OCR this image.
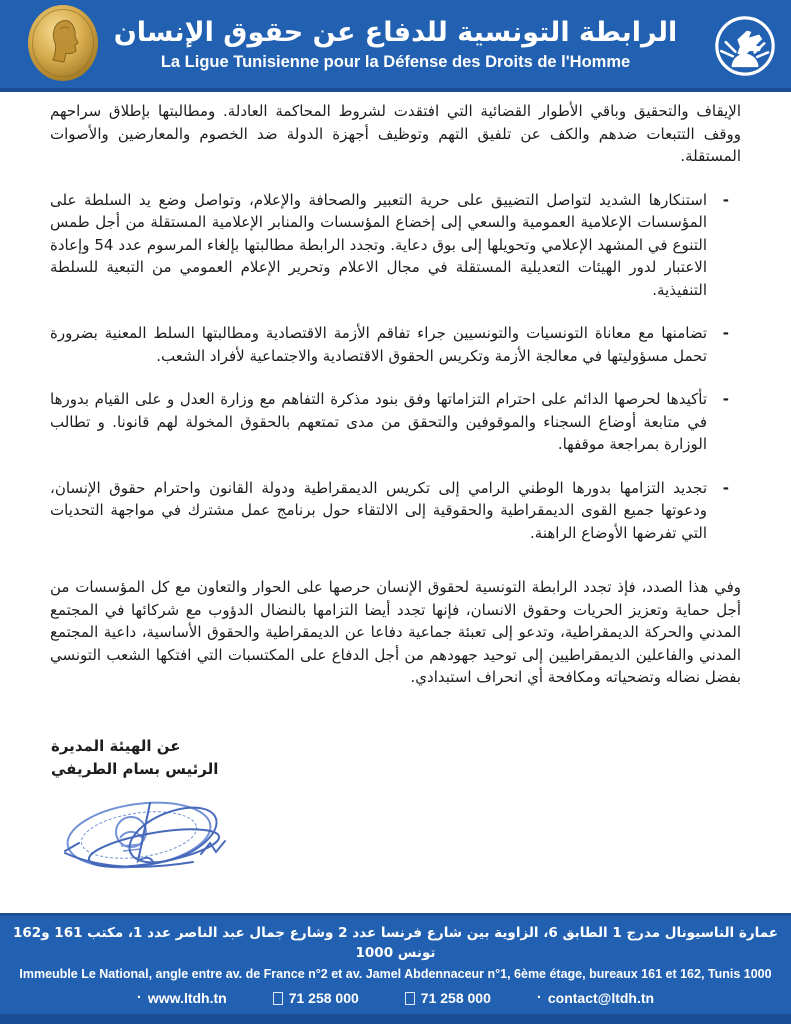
الرابطة التونسية للدفاع عن حقوق الإنسان
La Ligue Tunisienne pour la Défense des Droits de l'Homme

الإيقاف والتحقيق وباقي الأطوار القضائية التي افتقدت لشروط المحاكمة العادلة. ومطالبتها بإطلاق سراحهم ووقف التتبعات ضدهم والكف عن تلفيق التهم وتوظيف أجهزة الدولة ضد الخصوم والمعارضين والأصوات المستقلة.

-
استنكارها الشديد لتواصل التضييق على حرية التعبير والصحافة والإعلام، وتواصل وضع يد السلطة على المؤسسات الإعلامية العمومية والسعي إلى إخضاع المؤسسات والمنابر الإعلامية المستقلة من أجل طمس التنوع في المشهد الإعلامي وتحويلها إلى بوق دعاية. وتجدد الرابطة مطالبتها بإلغاء المرسوم عدد 54 وإعادة الاعتبار لدور الهيئات التعديلية المستقلة في مجال الاعلام وتحرير الإعلام العمومي من التبعية للسلطة التنفيذية.
-
تضامنها مع معاناة التونسيات والتونسيين جراء تفاقم الأزمة الاقتصادية ومطالبتها السلط المعنية بضرورة تحمل مسؤوليتها في معالجة الأزمة وتكريس الحقوق الاقتصادية والاجتماعية لأفراد الشعب.
-
تأكيدها لحرصها الدائم على احترام التزاماتها وفق بنود مذكرة التفاهم مع وزارة العدل و على القيام بدورها في متابعة أوضاع السجناء والموقوفين والتحقق من مدى تمتعهم بالحقوق المخولة لهم قانونا. و تطالب الوزارة بمراجعة موقفها.
-
تجديد التزامها بدورها الوطني الرامي إلى تكريس الديمقراطية ودولة القانون واحترام حقوق الإنسان، ودعوتها جميع القوى الديمقراطية والحقوقية إلى الالتقاء حول برنامج عمل مشترك في مواجهة التحديات التي تفرضها الأوضاع الراهنة.

وفي هذا الصدد، فإذ تجدد الرابطة التونسية لحقوق الإنسان حرصها على الحوار والتعاون مع كل المؤسسات من أجل حماية وتعزيز الحريات وحقوق الانسان، فإنها تجدد أيضا التزامها بالنضال الدؤوب مع شركائها في المجتمع المدني والحركة الديمقراطية، وتدعو إلى تعبئة جماعية دفاعا عن الديمقراطية والحقوق الأساسية، داعية المجتمع المدني والفاعلين الديمقراطيين إلى توحيد جهودهم من أجل الدفاع على المكتسبات التي افتكها الشعب التونسي بفضل نضاله وتضحياته ومكافحة أي انحراف استبدادي.

عن الهيئة المديرة
الرئيس بسام الطريفي
عمارة الناسيونال مدرج 1 الطابق 6، الزاوية بين شارع فرنسا عدد 2 وشارع جمال عبد الناصر عدد 1، مكتب 161 و162 تونس 1000
Immeuble Le National, angle entre av. de France n°2 et av. Jamel Abdennaceur n°1, 6ème étage, bureaux 161 et 162, Tunis 1000
· www.ltdh.tn	71 258 000	71 258 000	· contact@ltdh.tn
